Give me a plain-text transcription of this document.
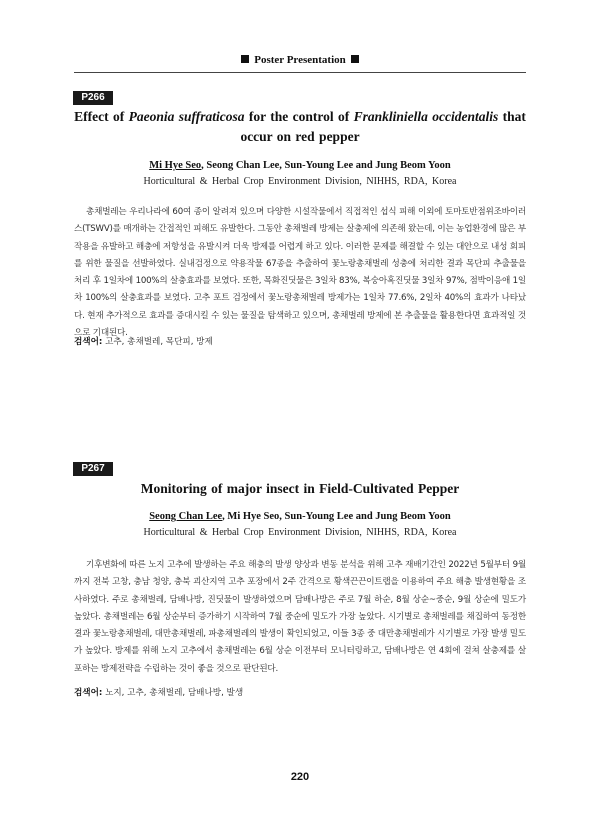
Poster Presentation
P266
Effect of Paeonia suffraticosa for the control of Frankliniella occidentalis that occur on red pepper
Mi Hye Seo, Seong Chan Lee, Sun-Young Lee and Jung Beom Yoon
Horticultural & Herbal Crop Environment Division, NIHHS, RDA, Korea
총채벌레는 우리나라에 60여 종이 알려져 있으며 다양한 시설작물에서 직접적인 섭식 피해 이외에 토마토반점위조바이러스(TSWV)를 매개하는 간접적인 피해도 유발한다. 그동안 총채벌레 방제는 살충제에 의존해 왔는데, 이는 농업환경에 많은 부작용을 유발하고 해충에 저항성을 유발시켜 더욱 방제를 어렵게 하고 있다. 이러한 문제를 해결할 수 있는 대안으로 내성 회피를 위한 물질을 선발하였다. 실내검정으로 약용작물 67종을 추출하여 꽃노랑총채벌레 성충에 처리한 결과 목단피 추출물을 처리 후 1일차에 100%의 살충효과를 보였다. 또한, 목화진딧물은 3일차 83%, 복숭아혹진딧물 3일차 97%, 점박이응애 1일차 100%의 살충효과를 보였다. 고추 포트 검정에서 꽃노랑총채벌레 방제가는 1일차 77.6%, 2일차 40%의 효과가 나타났다. 현재 추가적으로 효과를 증대시킬 수 있는 물질을 탐색하고 있으며, 총채벌레 방제에 본 추출물을 활용한다면 효과적일 것으로 기대된다.
검색어: 고추, 총채벌레, 목단피, 방제
P267
Monitoring of major insect in Field-Cultivated Pepper
Seong Chan Lee, Mi Hye Seo, Sun-Young Lee and Jung Beom Yoon
Horticultural & Herbal Crop Environment Division, NIHHS, RDA, Korea
기후변화에 따른 노지 고추에 발생하는 주요 해충의 발생 양상과 변동 분석을 위해 고추 재배기간인 2022년 5월부터 9월까지 전북 고창, 충남 청양, 충북 괴산지역 고추 포장에서 2주 간격으로 황색끈끈이트랩을 이용하여 주요 해충 발생현황을 조사하였다. 주로 총채벌레, 담배나방, 진딧물이 발생하였으며 담배나방은 주로 7월 하순, 8월 상순~중순, 9월 상순에 밀도가 높았다. 총채벌레는 6월 상순부터 증가하기 시작하여 7월 중순에 밀도가 가장 높았다. 시기별로 총채벌레를 채집하여 동정한 결과 꽃노랑총채벌레, 대만총채벌레, 파총채벌레의 발생이 확인되었고, 이들 3종 중 대만총채벌레가 시기별로 가장 발생 밀도가 높았다. 방제를 위해 노지 고추에서 총채벌레는 6월 상순 이전부터 모니터링하고, 담배나방은 연 4회에 걸쳐 살충제를 살포하는 방제전략을 수립하는 것이 좋을 것으로 판단된다.
검색어: 노지, 고추, 총채벌레, 담배나방, 발생
220
